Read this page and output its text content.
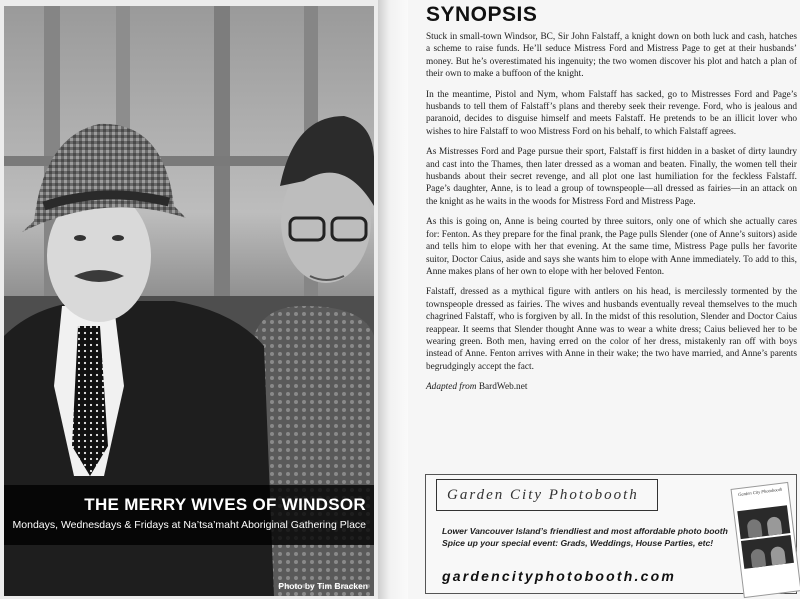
THE MERRY WIVES OF WINDSOR
Mondays, Wednesdays & Fridays at Na’tsa’maht Aboriginal Gathering Place
Photo by Tim Bracken
SYNOPSIS

Stuck in small-town Windsor, BC, Sir John Falstaff, a knight down on both luck and cash, hatches a scheme to raise funds. He’ll seduce Mistress Ford and Mistress Page to get at their husbands’ money. But he’s overestimated his ingenuity; the two women discover his plot and hatch a plan of their own to make a buffoon of the knight.

In the meantime, Pistol and Nym, whom Falstaff has sacked, go to Mistresses Ford and Page’s husbands to tell them of Falstaff’s plans and thereby seek their revenge. Ford, who is jealous and paranoid, decides to disguise himself and meets Falstaff. He pretends to be an illicit lover who wishes to hire Falstaff to woo Mistress Ford on his behalf, to which Falstaff agrees.

As Mistresses Ford and Page pursue their sport, Falstaff is first hidden in a basket of dirty laundry and cast into the Thames, then later dressed as a woman and beaten. Finally, the women tell their husbands about their secret revenge, and all plot one last humiliation for the feckless Falstaff. Page’s daughter, Anne, is to lead a group of townspeople—all dressed as fairies—in an attack on the knight as he waits in the woods for Mistress Ford and Mistress Page.

As this is going on, Anne is being courted by three suitors, only one of which she actually cares for: Fenton. As they prepare for the final prank, the Page pulls Slender (one of Anne’s suitors) aside and tells him to elope with her that evening. At the same time, Mistress Page pulls her favorite suitor, Doctor Caius, aside and says she wants him to elope with Anne immediately. To add to this, Anne makes plans of her own to elope with her beloved Fenton.

Falstaff, dressed as a mythical figure with antlers on his head, is mercilessly tormented by the townspeople dressed as fairies. The wives and husbands eventually reveal themselves to the much chagrined Falstaff, who is forgiven by all. In the midst of this resolution, Slender and Doctor Caius reappear. It seems that Slender thought Anne was to wear a white dress; Caius believed her to be wearing green. Both men, having erred on the color of her dress, mistakenly ran off with boys instead of Anne. Fenton arrives with Anne in their wake; the two have married, and Anne’s parents begrudgingly accept the fact.

Adapted from BardWeb.net

Garden City Photobooth
Lower Vancouver Island’s friendliest and most affordable photo booth
Spice up your special event: Grads, Weddings, House Parties, etc!
gardencityphotobooth.com
Garden City Photobooth
